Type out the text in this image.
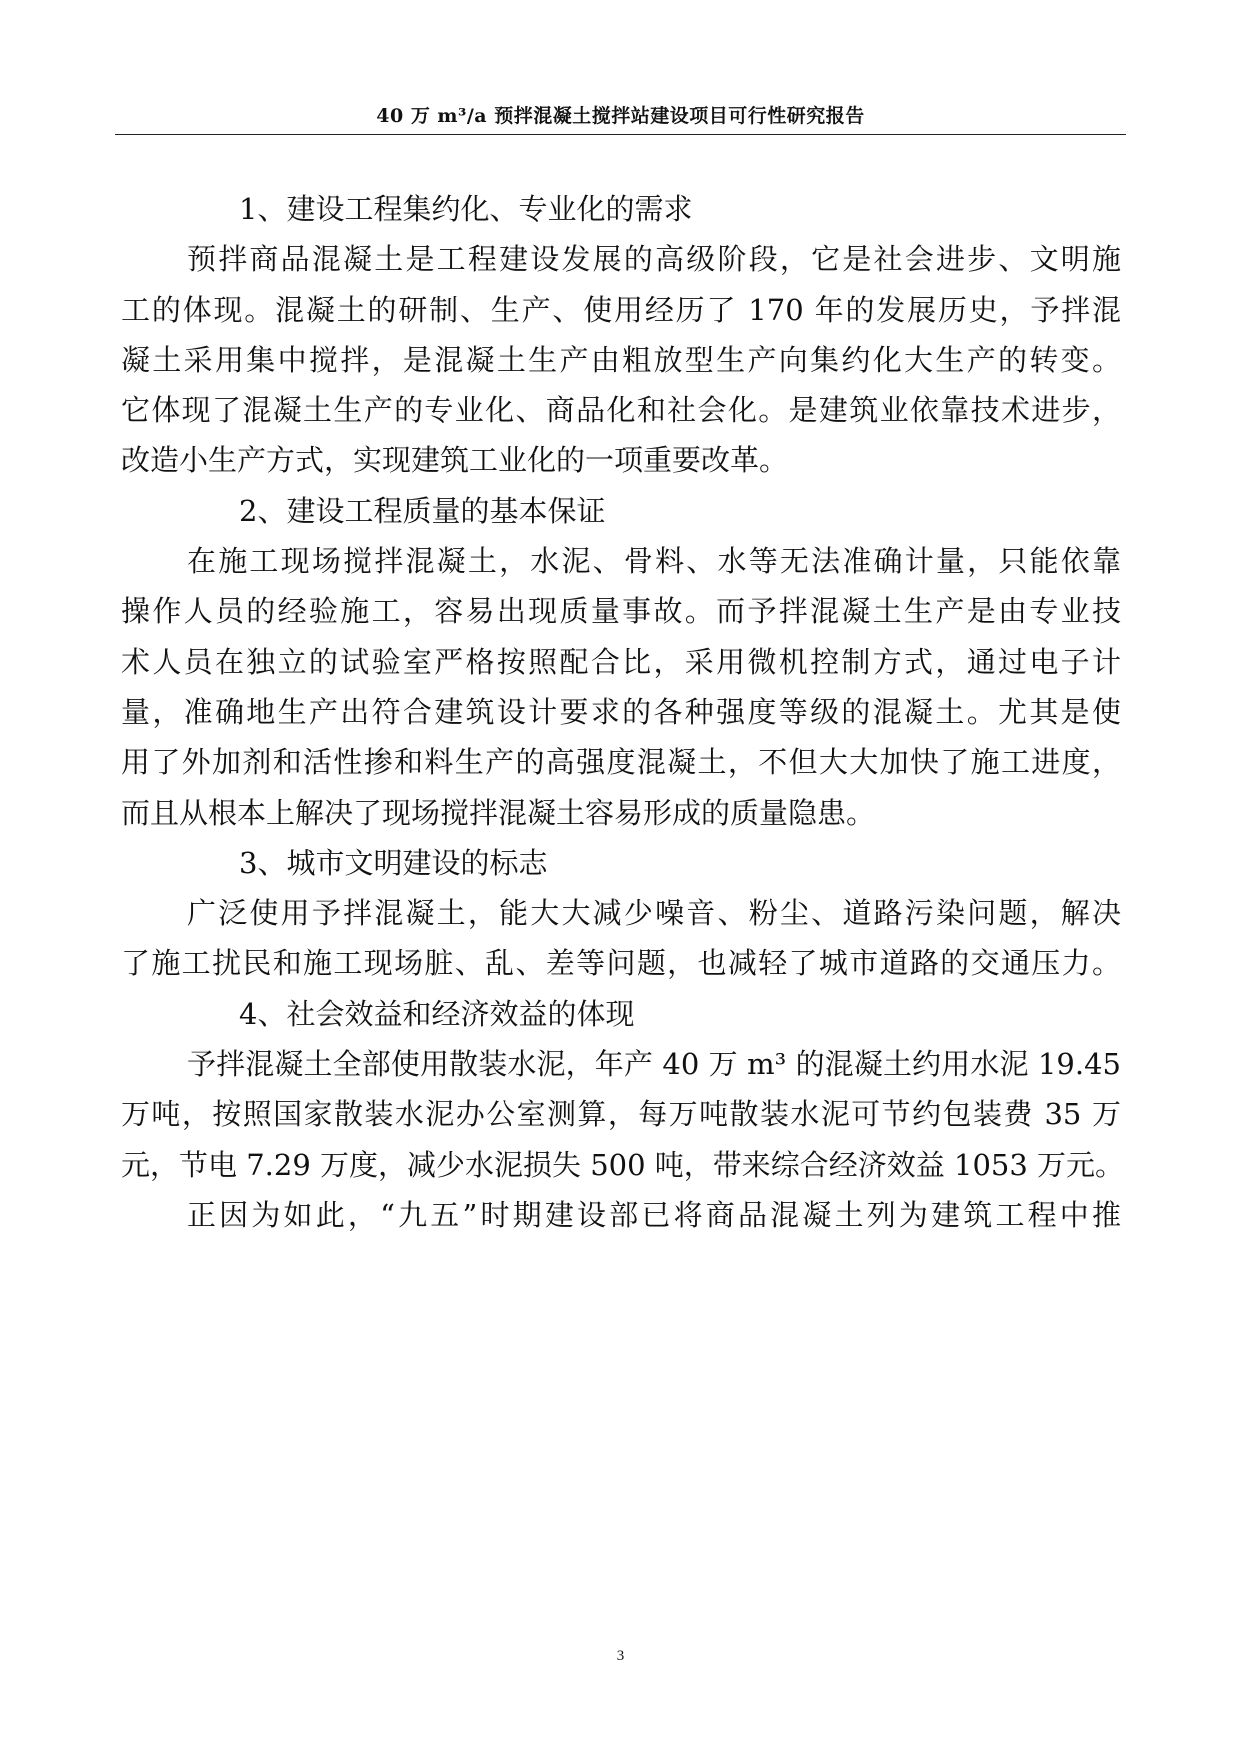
40 万 m³/a 预拌混凝土搅拌站建设项目可行性研究报告
1、建设工程集约化、专业化的需求
预拌商品混凝土是工程建设发展的高级阶段，它是社会进步、文明施
工的体现。混凝土的研制、生产、使用经历了 170 年的发展历史，予拌混
凝土采用集中搅拌，是混凝土生产由粗放型生产向集约化大生产的转变。
它体现了混凝土生产的专业化、商品化和社会化。是建筑业依靠技术进步，
改造小生产方式，实现建筑工业化的一项重要改革。
2、建设工程质量的基本保证
在施工现场搅拌混凝土，水泥、骨料、水等无法准确计量，只能依靠
操作人员的经验施工，容易出现质量事故。而予拌混凝土生产是由专业技
术人员在独立的试验室严格按照配合比，采用微机控制方式，通过电子计
量，准确地生产出符合建筑设计要求的各种强度等级的混凝土。尤其是使
用了外加剂和活性掺和料生产的高强度混凝土，不但大大加快了施工进度，
而且从根本上解决了现场搅拌混凝土容易形成的质量隐患。
3、城市文明建设的标志
广泛使用予拌混凝土，能大大减少噪音、粉尘、道路污染问题，解决
了施工扰民和施工现场脏、乱、差等问题，也减轻了城市道路的交通压力。
4、社会效益和经济效益的体现
予拌混凝土全部使用散装水泥，年产 40 万 m³ 的混凝土约用水泥 19.45
万吨，按照国家散装水泥办公室测算，每万吨散装水泥可节约包装费 35 万
元，节电 7.29 万度，减少水泥损失 500 吨，带来综合经济效益 1053 万元。
正因为如此，“九五”时期建设部已将商品混凝土列为建筑工程中推
3
